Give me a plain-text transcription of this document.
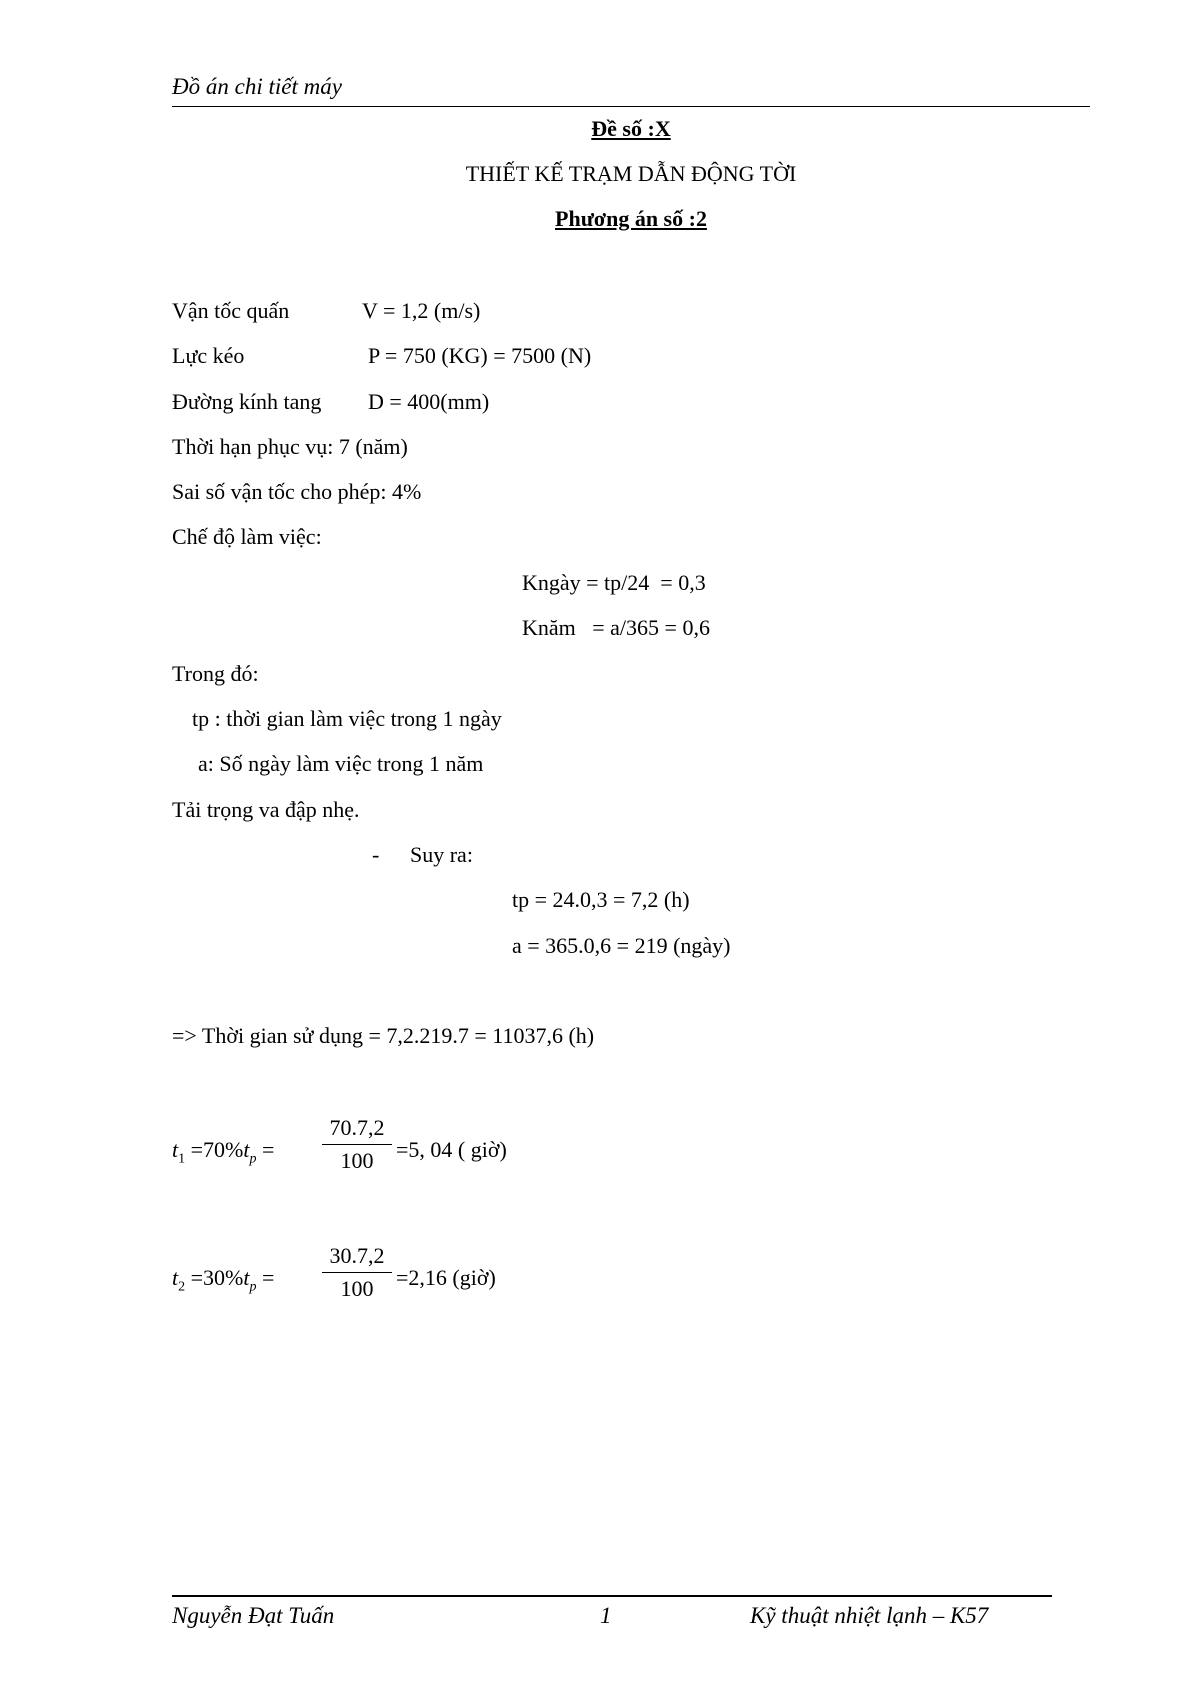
Đồ án chi tiết máy
Đề số :X
THIẾT KẾ TRẠM DẪN ĐỘNG TỜI
Phương án số :2
Vận tốc quấn	V = 1,2 (m/s)
Lực kéo	P = 750 (KG) = 7500 (N)
Đường kính tang D = 400(mm)
Thời hạn phục vụ: 7 (năm)
Sai số vận tốc cho phép: 4%
Chế độ làm việc:
Kngày = tp/24  = 0,3
Knăm   = a/365 = 0,6
Trong đó:
tp : thời gian làm việc trong 1 ngày
a: Số ngày làm việc trong 1 năm
Tải trọng va đập nhẹ.
- Suy ra:
tp = 24.0,3 = 7,2 (h)
a = 365.0,6 = 219 (ngày)
=> Thời gian sử dụng = 7,2.219.7 = 11037,6 (h)
$t_1 =70\%t_p$ =
70.7,2
100	=5, 04 ( giờ)
$t_2 =30\%t_p$ =
30.7,2
100	=2,16 (giờ)
Nguyễn Đạt Tuấn	1	Kỹ thuật nhiệt lạnh – K57
